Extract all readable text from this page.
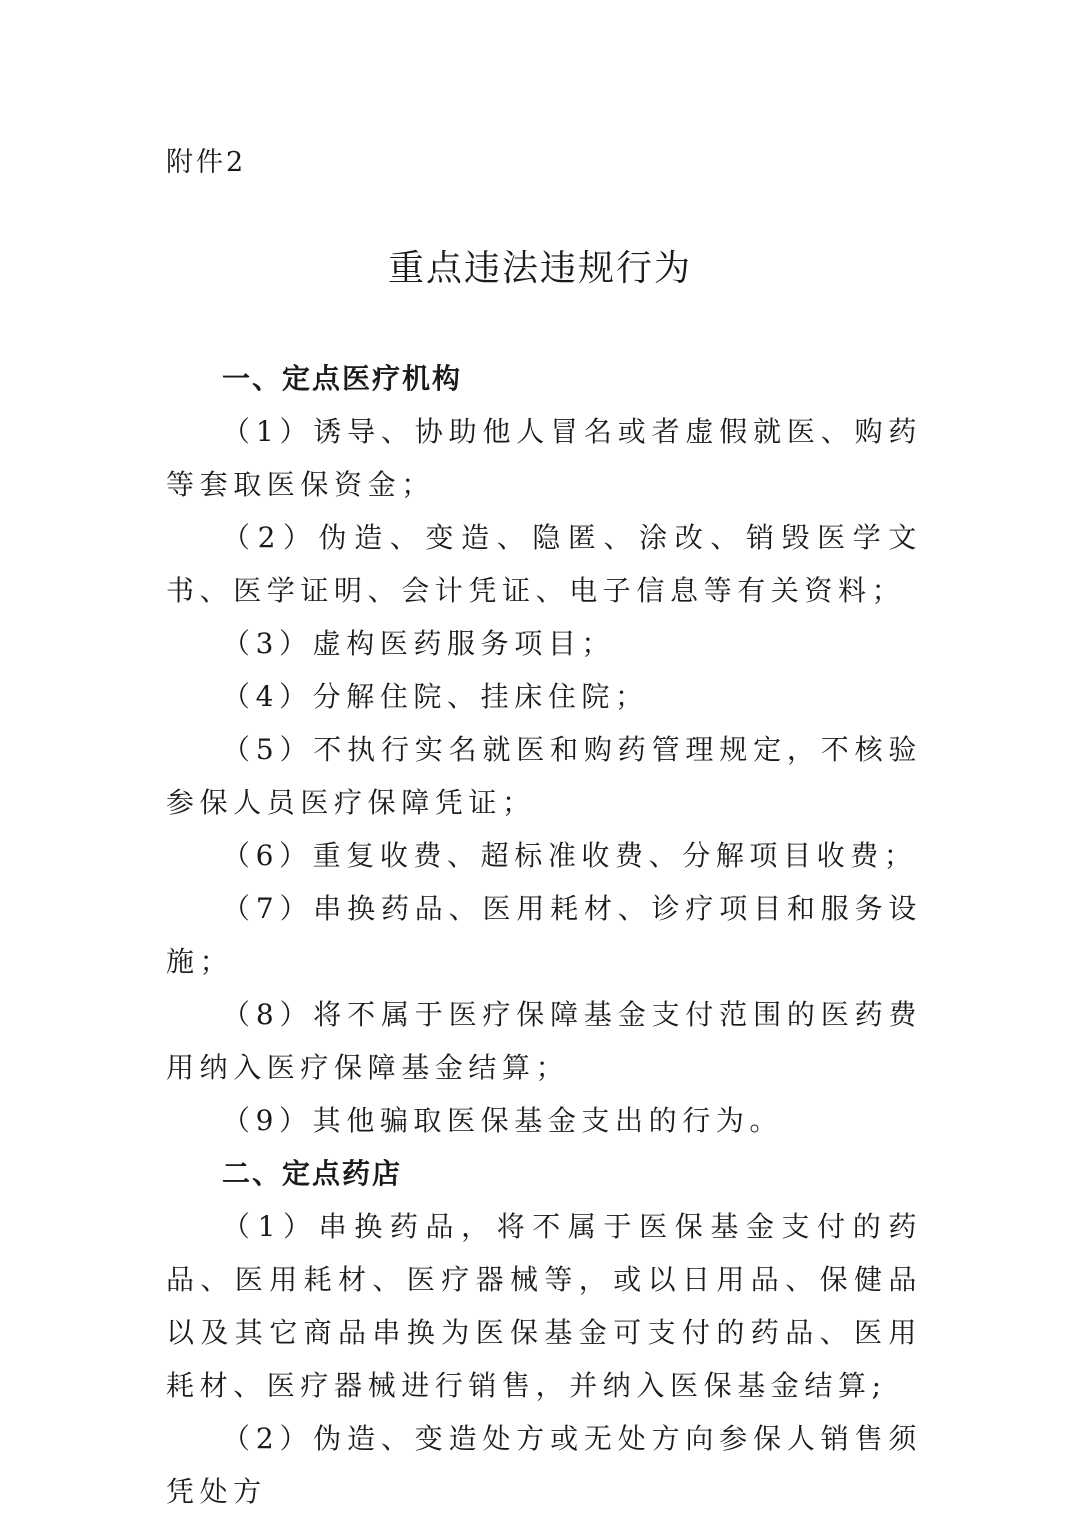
附件2
重点违法违规行为
一、定点医疗机构

（1）诱导、协助他人冒名或者虚假就医、购药等套取医保资金；

（2）伪造、变造、隐匿、涂改、销毁医学文书、医学证明、会计凭证、电子信息等有关资料；

（3）虚构医药服务项目；

（4）分解住院、挂床住院；

（5）不执行实名就医和购药管理规定，不核验参保人员医疗保障凭证；

（6）重复收费、超标准收费、分解项目收费；

（7）串换药品、医用耗材、诊疗项目和服务设施；

（8）将不属于医疗保障基金支付范围的医药费用纳入医疗保障基金结算；

（9）其他骗取医保基金支出的行为。

二、定点药店

（1）串换药品，将不属于医保基金支付的药品、医用耗材、医疗器械等，或以日用品、保健品以及其它商品串换为医保基金可支付的药品、医用耗材、医疗器械进行销售，并纳入医保基金结算;

（2）伪造、变造处方或无处方向参保人销售须凭处方
